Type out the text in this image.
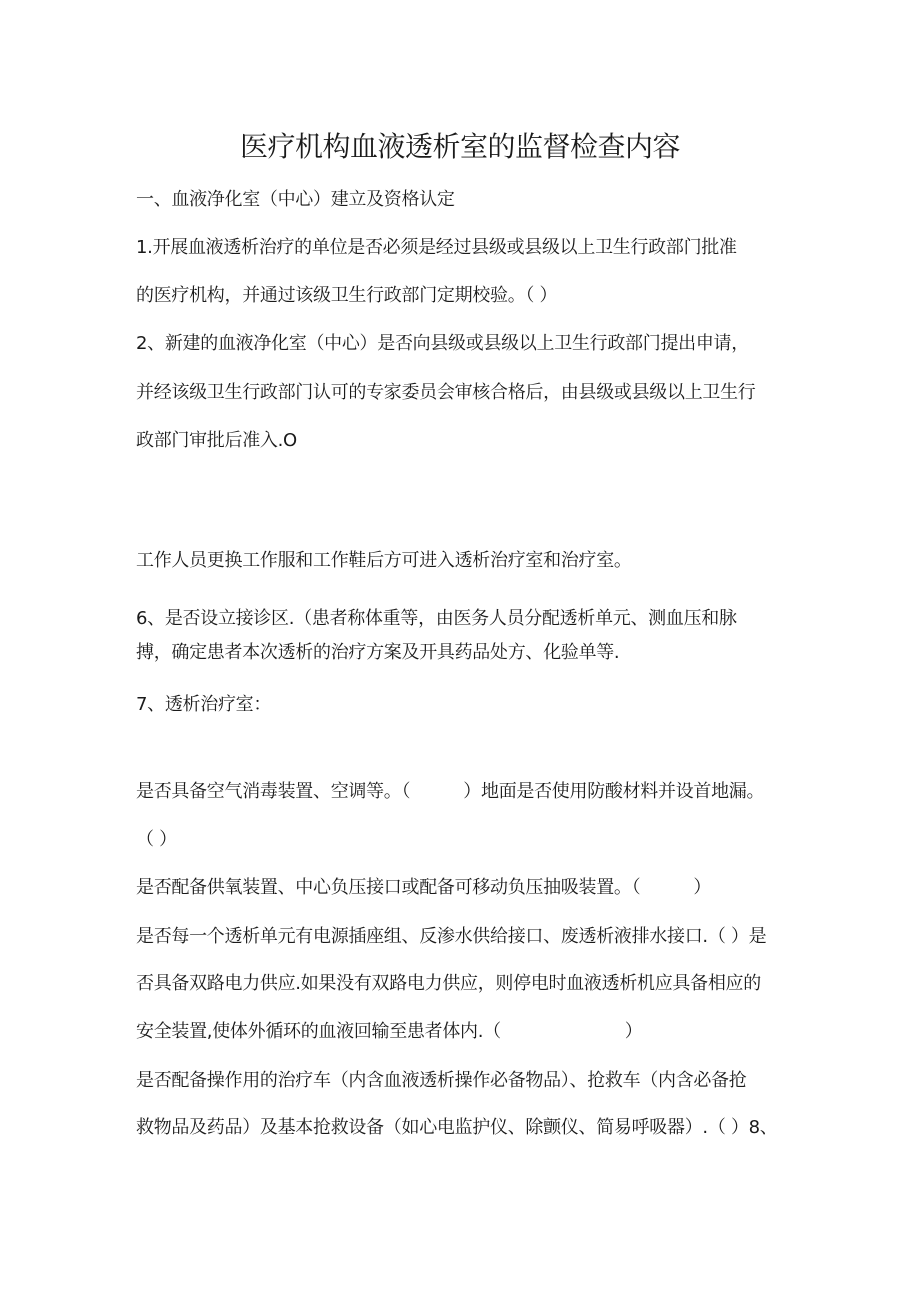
医疗机构血液透析室的监督检查内容
一、血液净化室（中心）建立及资格认定
1.开展血液透析治疗的单位是否必须是经过县级或县级以上卫生行政部门批准
的医疗机构，并通过该级卫生行政部门定期校验。（ ）
2、新建的血液净化室（中心）是否向县级或县级以上卫生行政部门提出申请，
并经该级卫生行政部门认可的专家委员会审核合格后，由县级或县级以上卫生行
政部门审批后准入.O
工作人员更换工作服和工作鞋后方可进入透析治疗室和治疗室。
6、是否设立接诊区.（患者称体重等，由医务人员分配透析单元、测血压和脉
搏，确定患者本次透析的治疗方案及开具药品处方、化验单等.
7、透析治疗室：
是否具备空气消毒装置、空调等。（　　　）地面是否使用防酸材料并设首地漏。
（ ）
是否配备供氧装置、中心负压接口或配备可移动负压抽吸装置。（　　　）
是否每一个透析单元有电源插座组、反渗水供给接口、废透析液排水接口.（ ）是
否具备双路电力供应.如果没有双路电力供应，则停电时血液透析机应具备相应的
安全装置,使体外循环的血液回输至患者体内.（　　　　　　　）
是否配备操作用的治疗车（内含血液透析操作必备物品）、抢救车（内含必备抢
救物品及药品）及基本抢救设备（如心电监护仪、除颤仪、简易呼吸器）.（ ）8、
